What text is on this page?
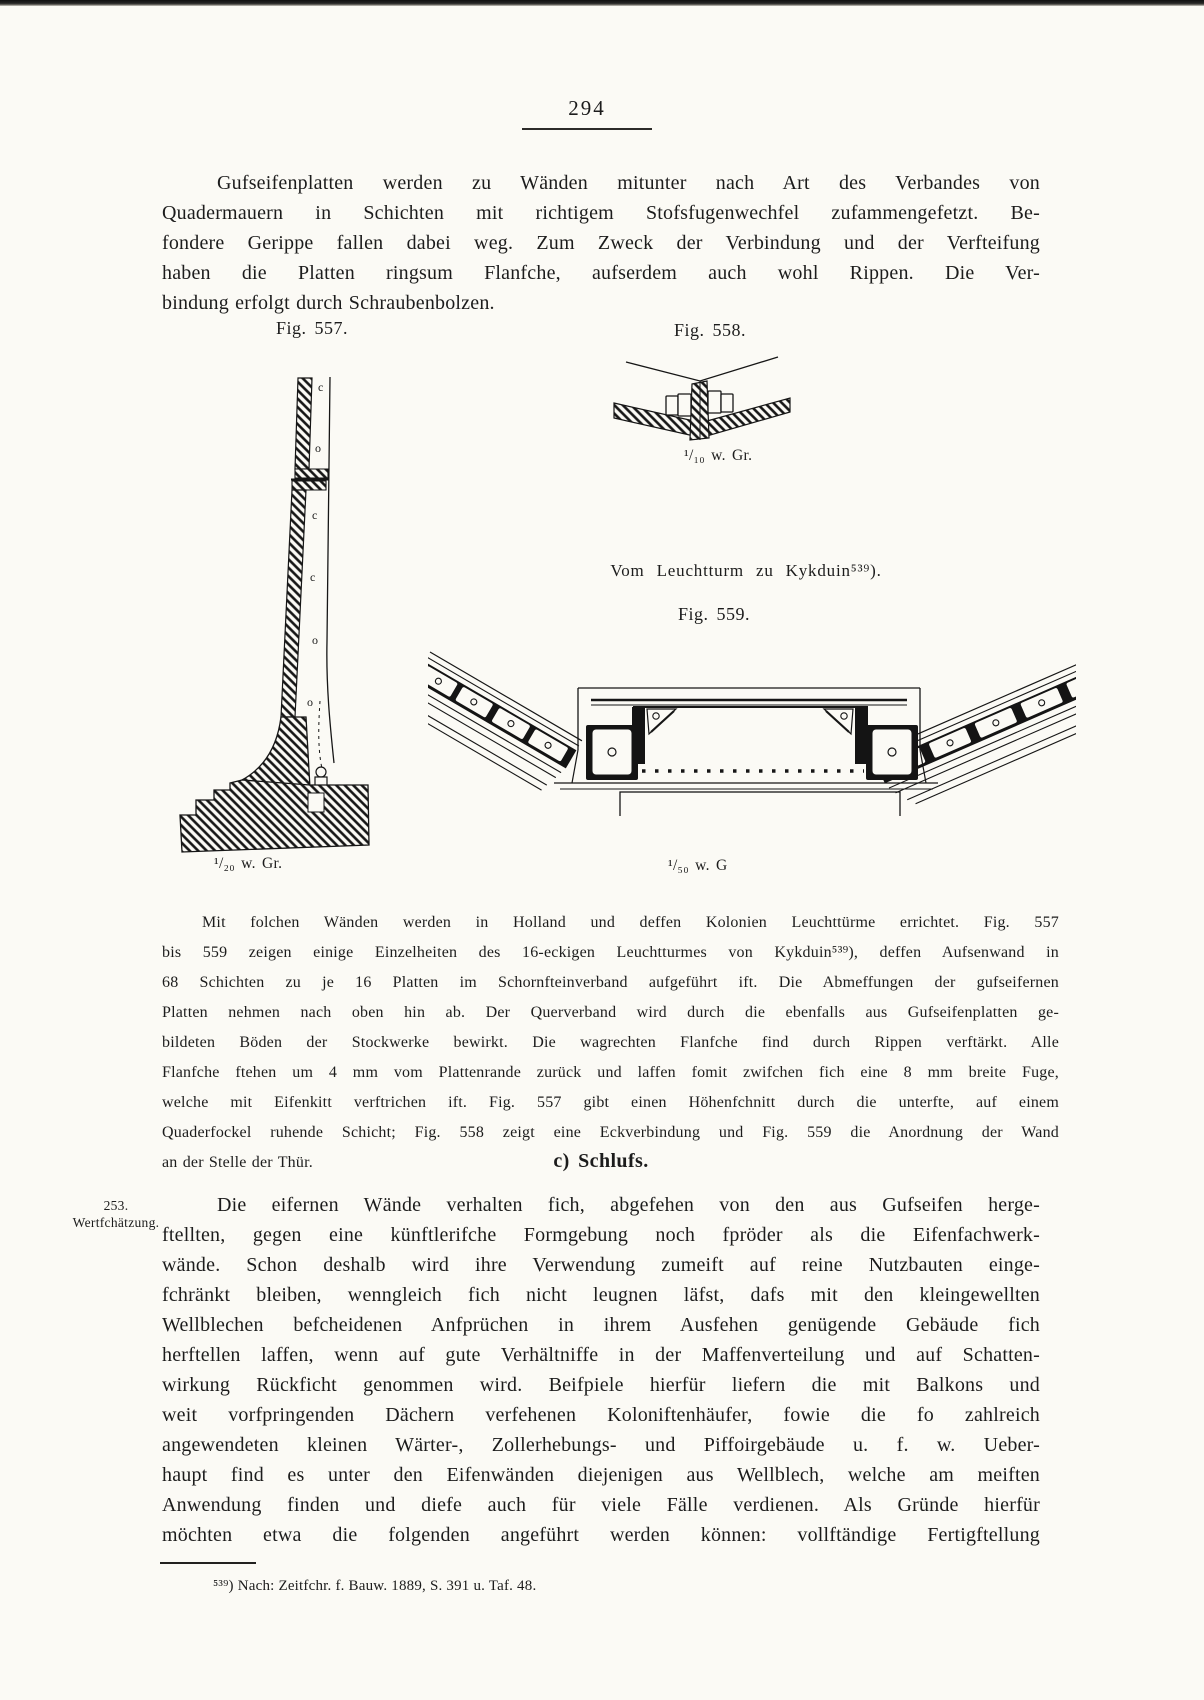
294
Gufseifenplatten werden zu Wänden mitunter nach Art des Verbandes von
Quadermauern in Schichten mit richtigem Stofsfugenwechfel zufammengefetzt. Be-
fondere Gerippe fallen dabei weg. Zum Zweck der Verbindung und der Verfteifung
haben die Platten ringsum Flanfche, aufserdem auch wohl Rippen. Die Ver-
bindung erfolgt durch Schraubenbolzen.
Fig. 557.
c
o
c
c
o
o
¹/₂₀ w. Gr.
Fig. 558.
¹/₁₀ w. Gr.
Vom Leuchtturm zu Kykduin⁵³⁹).
Fig. 559.
¹/₅₀ w. G
Mit folchen Wänden werden in Holland und deffen Kolonien Leuchttürme errichtet. Fig. 557
bis 559 zeigen einige Einzelheiten des 16-eckigen Leuchtturmes von Kykduin⁵³⁹), deffen Aufsenwand in
68 Schichten zu je 16 Platten im Schornfteinverband aufgeführt ift. Die Abmeffungen der gufseifernen
Platten nehmen nach oben hin ab. Der Querverband wird durch die ebenfalls aus Gufseifenplatten ge-
bildeten Böden der Stockwerke bewirkt. Die wagrechten Flanfche find durch Rippen verftärkt. Alle
Flanfche ftehen um 4 mm vom Plattenrande zurück und laffen fomit zwifchen fich eine 8 mm breite Fuge,
welche mit Eifenkitt verftrichen ift. Fig. 557 gibt einen Höhenfchnitt durch die unterfte, auf einem
Quaderfockel ruhende Schicht; Fig. 558 zeigt eine Eckverbindung und Fig. 559 die Anordnung der Wand
an der Stelle der Thür.	c) Schlufs.
253.
Wertfchätzung.
Die eifernen Wände verhalten fich, abgefehen von den aus Gufseifen herge-
ftellten, gegen eine künftlerifche Formgebung noch fpröder als die Eifenfachwerk-
wände. Schon deshalb wird ihre Verwendung zumeift auf reine Nutzbauten einge-
fchränkt bleiben, wenngleich fich nicht leugnen läfst, dafs mit den kleingewellten
Wellblechen befcheidenen Anfprüchen in ihrem Ausfehen genügende Gebäude fich
herftellen laffen, wenn auf gute Verhältniffe in der Maffenverteilung und auf Schatten-
wirkung Rückficht genommen wird. Beifpiele hierfür liefern die mit Balkons und
weit vorfpringenden Dächern verfehenen Koloniftenhäufer, fowie die fo zahlreich
angewendeten kleinen Wärter-, Zollerhebungs- und Piffoirgebäude u. f. w. Ueber-
haupt find es unter den Eifenwänden diejenigen aus Wellblech, welche am meiften
Anwendung finden und diefe auch für viele Fälle verdienen. Als Gründe hierfür
möchten etwa die folgenden angeführt werden können: vollftändige Fertigftellung
⁵³⁹) Nach: Zeitfchr. f. Bauw. 1889, S. 391 u. Taf. 48.
